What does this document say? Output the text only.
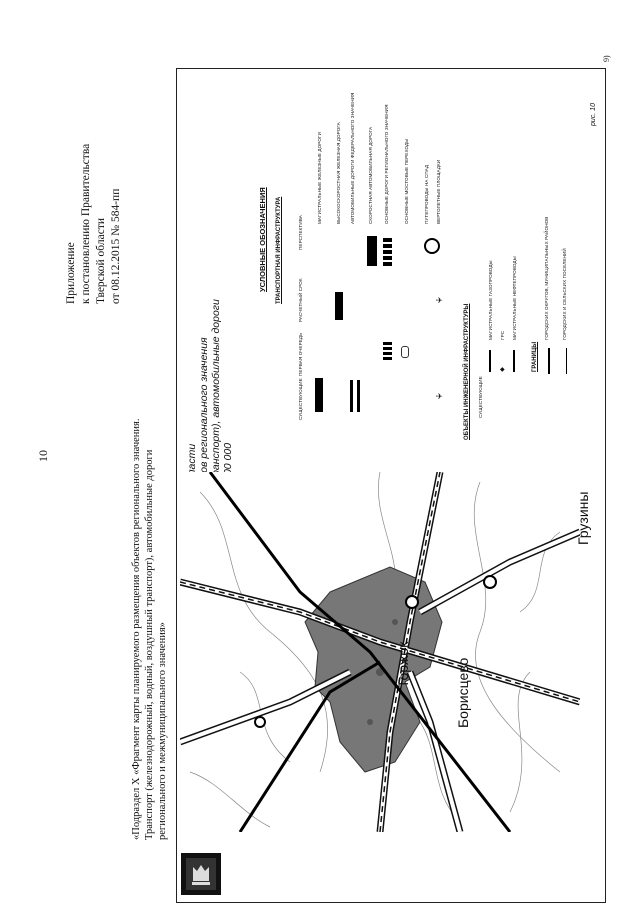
10
Приложение к постановлению Правительства Тверской области от 08.12.2015 № 584-пп
«Подраздел X «Фрагмент карты планируемого размещения объектов регионального значения. Транспорт (железнодорожный, водный, воздушный транспорт), автомобильные дороги регионального и межмуниципального значения»
9)
Торжок	Борисцево
Грузины
УСЛОВНЫЕ ОБОЗНАЧЕНИЯ ТРАНСПОРТНАЯ ИНФРАСТРУКТУРА
СУЩЕСТВУЮЩИЕ
ПЕРВАЯ ОЧЕРЕДЬ
РАСЧЕТНЫЙ СРОК
ПЕРСПЕКТИВА
✈
✈
МАГИСТРАЛЬНЫЕ ЖЕЛЕЗНЫЕ ДОРОГИ	ВЫСОКОСКОРОСТНАЯ ЖЕЛЕЗНАЯ ДОРОГА АВТОМОБИЛЬНЫЕ ДОРОГИ ФЕДЕРАЛЬНОГО ЗНАЧЕНИЯ	СКОРОСТНАЯ АВТОМОБИЛЬНАЯ ДОРОГА ОСНОВНЫЕ ДОРОГИ РЕГИОНАЛЬНОГО ЗНАЧЕНИЯ	ОСНОВНЫЕ МОСТОВЫЕ ПЕРЕХОДЫ	ПУТЕПРОВОДЫ НА СПАД ВЕРТОЛЕТНЫЕ ПЛОЩАДКИ
ОБЪЕКТЫ ИНЖЕНЕРНОЙ ИНФРАСТРУКТУРЫ СУЩЕСТВУЮЩИЕ
◆
МАГИСТРАЛЬНЫЕ ГАЗОПРОВОДЫ ГРС МАГИСТРАЛЬНЫЕ НЕФТЕПРОВОДЫ
ГРАНИЦЫ
ГОРОДСКИХ ОКРУГОВ, МУНИЦИПАЛЬНЫХ РАЙОНОВ	ГОРОДСКИХ И СЕЛЬСКИХ ПОСЕЛЕНИЙ
рис. 10
